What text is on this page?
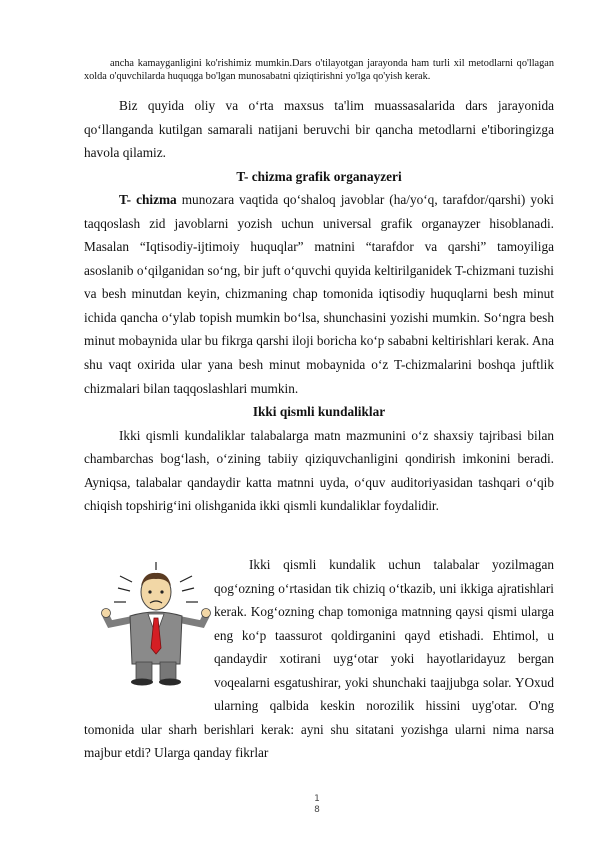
ancha kamayganligini ko'rishimiz mumkin.Dars o'tilayotgan jarayonda ham turli xil metodlarni qo'llagan xolda o'quvchilarda huquqga bo'lgan munosabatni qiziqtirishni yo'lga qo'yish kerak.

Biz quyida oliy va o‘rta maxsus ta'lim muassasalarida dars jarayonida qo‘llanganda kutilgan samarali natijani beruvchi bir qancha metodlarni e'tiboringizga havola qilamiz.

T- chizma grafik organayzeri

T- chizma munozara vaqtida qo‘shaloq javoblar (ha/yo‘q, tarafdor/qarshi) yoki taqqoslash zid javoblarni yozish uchun universal grafik organayzer hisoblanadi. Masalan “Iqtisodiy-ijtimoiy huquqlar” matnini “tarafdor va qarshi” tamoyiliga asoslanib o‘qilganidan so‘ng, bir juft o‘quvchi quyida keltirilganidek T-chizmani tuzishi va besh minutdan keyin, chizmaning chap tomonida iqtisodiy huquqlarni besh minut ichida qancha o‘ylab topish mumkin bo‘lsa, shunchasini yozishi mumkin. So‘ngra besh minut mobaynida ular bu fikrga qarshi iloji boricha ko‘p sababni keltirishlari kerak. Ana shu vaqt oxirida ular yana besh minut mobaynida o‘z T-chizmalarini boshqa juftlik chizmalari bilan taqqoslashlari mumkin.

Ikki qismli kundaliklar

Ikki qismli kundaliklar talabalarga matn mazmunini o‘z shaxsiy tajribasi bilan chambarchas bog‘lash, o‘zining tabiiy qiziquvchanligini qondirish imkonini beradi. Ayniqsa, talabalar qandaydir katta matnni uyda, o‘quv auditoriyasidan tashqari o‘qib chiqish topshirig‘ini olishganida ikki qismli kundaliklar foydalidir.

Ikki qismli kundalik uchun talabalar yozilmagan qog‘ozning o‘rtasidan tik chiziq o‘tkazib, uni ikkiga ajratishlari kerak. Kog‘ozning chap tomoniga matnning qaysi qismi ularga eng ko‘p taassurot qoldirganini qayd etishadi. Ehtimol, u qandaydir xotirani uyg‘otar yoki hayotlaridayuz bergan voqealarni esgatushirar, yoki shunchaki taajjubga solar. YOxud ularning qalbida keskin norozilik hissini uyg'otar. O'ng tomonida ular sharh berishlari kerak: ayni shu sitatani yozishga ularni nima narsa majbur etdi? Ularga qanday fikrlar

1
8
